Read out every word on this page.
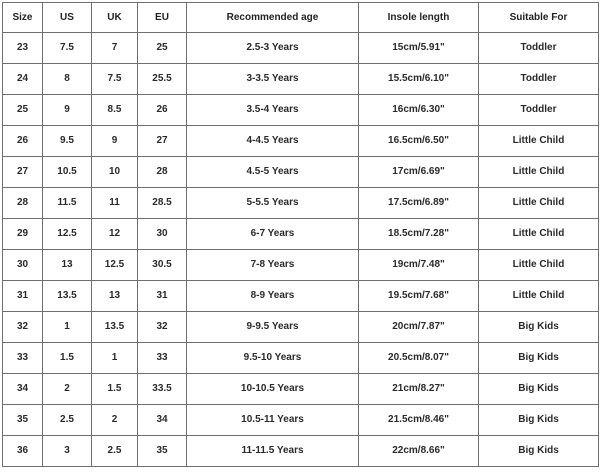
Size	US	UK	EU	Recommended age	Insole length	Suitable For
23	7.5	7	25	2.5-3 Years	15cm/5.91"	Toddler
24	8	7.5	25.5	3-3.5 Years	15.5cm/6.10"	Toddler
25	9	8.5	26	3.5-4 Years	16cm/6.30"	Toddler
26	9.5	9	27	4-4.5 Years	16.5cm/6.50"	Little Child
27	10.5	10	28	4.5-5 Years	17cm/6.69"	Little Child
28	11.5	11	28.5	5-5.5 Years	17.5cm/6.89"	Little Child
29	12.5	12	30	6-7 Years	18.5cm/7.28"	Little Child
30	13	12.5	30.5	7-8 Years	19cm/7.48"	Little Child
31	13.5	13	31	8-9 Years	19.5cm/7.68"	Little Child
32	1	13.5	32	9-9.5 Years	20cm/7.87"	Big Kids
33	1.5	1	33	9.5-10 Years	20.5cm/8.07"	Big Kids
34	2	1.5	33.5	10-10.5 Years	21cm/8.27"	Big Kids
35	2.5	2	34	10.5-11 Years	21.5cm/8.46"	Big Kids
36	3	2.5	35	11-11.5 Years	22cm/8.66"	Big Kids
